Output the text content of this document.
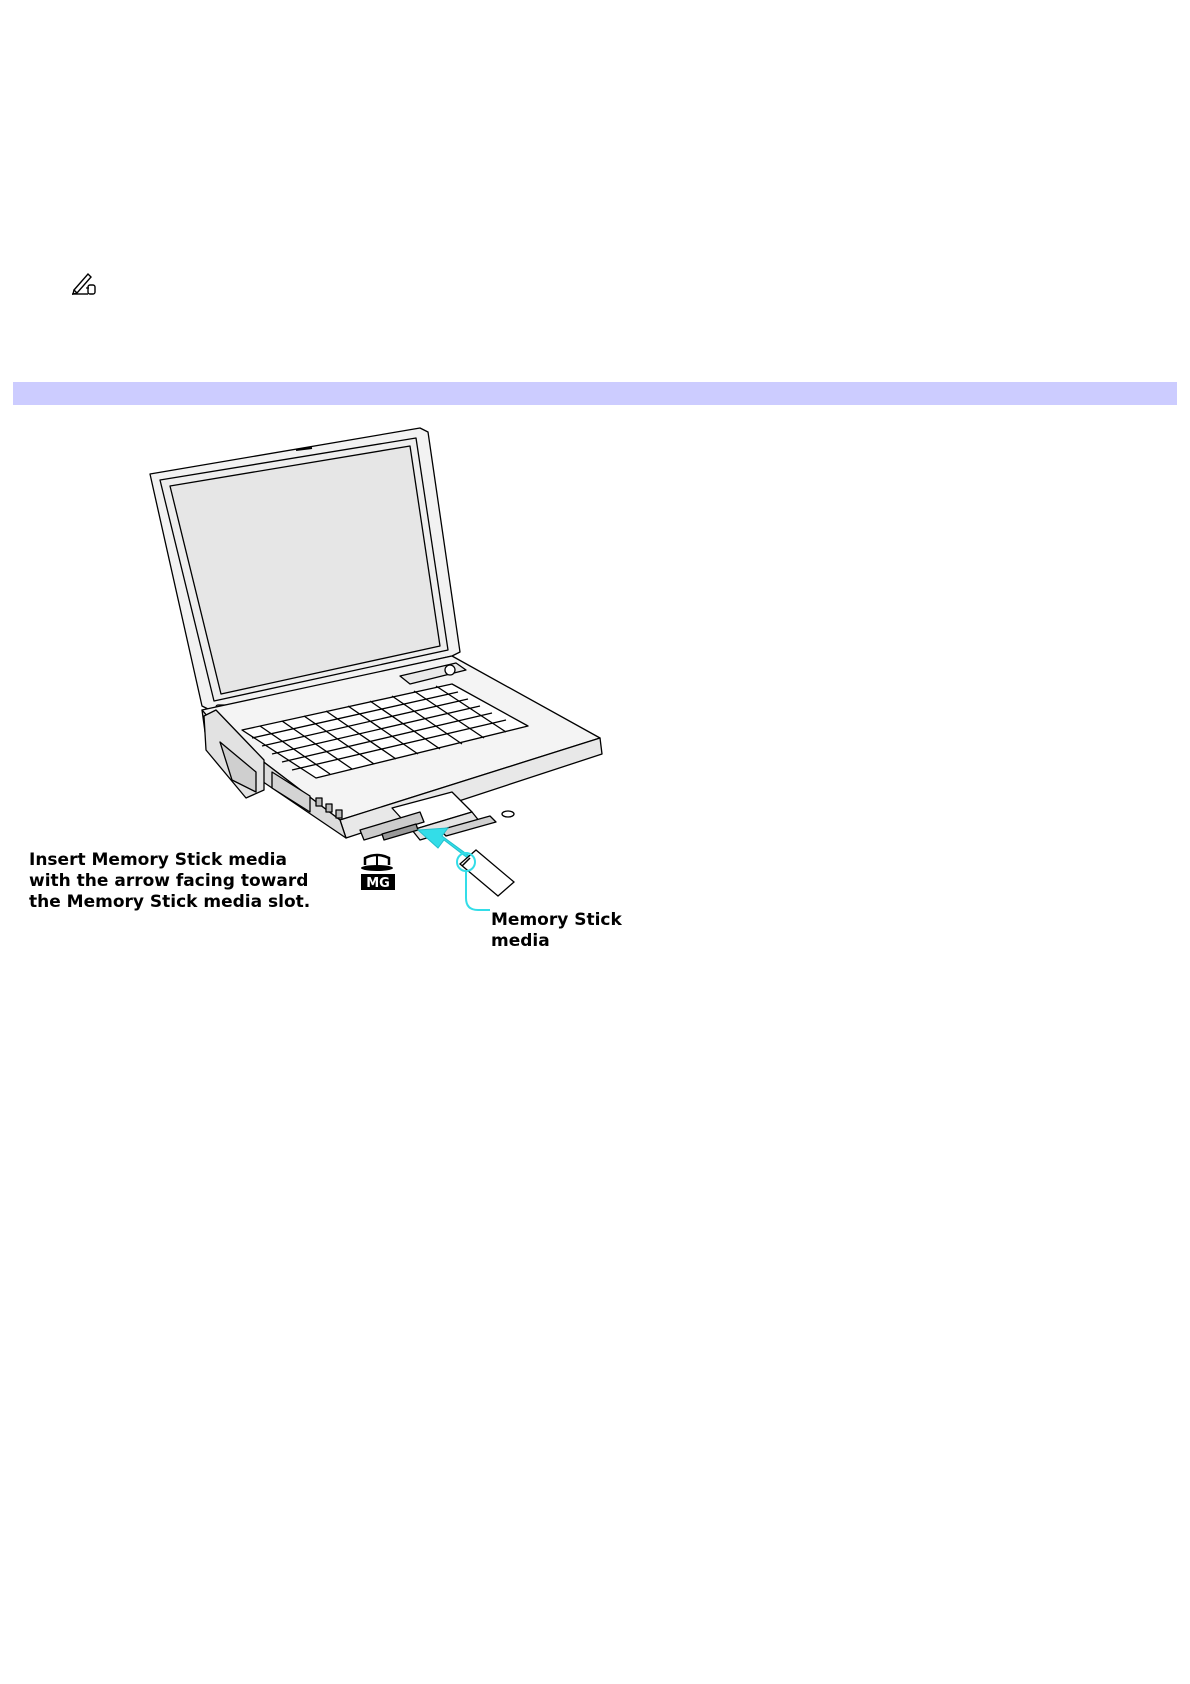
MG

Insert Memory Stick media
with the arrow facing toward
the Memory Stick media slot.

Memory Stick
media
